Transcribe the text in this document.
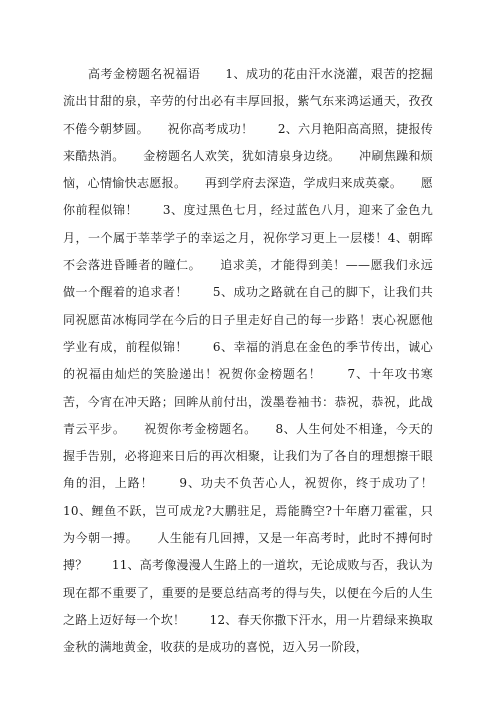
高考金榜题名祝福语　　1、成功的花由汗水浇灌，艰苦的挖掘流出甘甜的泉，辛劳的付出必有丰厚回报，紫气东来鸿运通天，孜孜不倦今朝梦圆。　　祝你高考成功！　　2、六月艳阳高高照，捷报传来酷热消。　　金榜题名人欢笑，犹如清泉身边绕。　　冲刷焦躁和烦恼，心情愉快志愿报。　　再到学府去深造，学成归来成英豪。　　愿你前程似锦！　　3、度过黑色七月，经过蓝色八月，迎来了金色九月，一个属于莘莘学子的幸运之月，祝你学习更上一层楼！4、朝晖不会落进昏睡者的瞳仁。　　追求美，才能得到美！——愿我们永远做一个醒着的追求者！　　5、成功之路就在自己的脚下，让我们共同祝愿苗冰梅同学在今后的日子里走好自己的每一步路！衷心祝愿他学业有成，前程似锦！　　6、幸福的消息在金色的季节传出，诚心的祝福由灿烂的笑脸递出！祝贺你金榜题名！　　7、十年攻书寒苦，今宵在冲天路；回眸从前付出，泼墨卷袖书：恭祝，恭祝，此战青云平步。　　祝贺你考金榜题名。　　8、人生何处不相逢，今天的握手告别，必将迎来日后的再次相聚，让我们为了各自的理想擦干眼角的泪，上路！　　9、功夫不负苦心人，祝贺你，终于成功了！　　10、鲤鱼不跃，岂可成龙?大鹏驻足，焉能腾空?十年磨刀霍霍，只为今朝一搏。　　人生能有几回搏，又是一年高考时，此时不搏何时搏？　　11、高考像漫漫人生路上的一道坎，无论成败与否，我认为现在都不重要了，重要的是要总结高考的得与失，以便在今后的人生之路上迈好每一个坎！　　12、春天你撒下汗水，用一片碧绿来换取金秋的满地黄金，收获的是成功的喜悦，迈入另一阶段，
